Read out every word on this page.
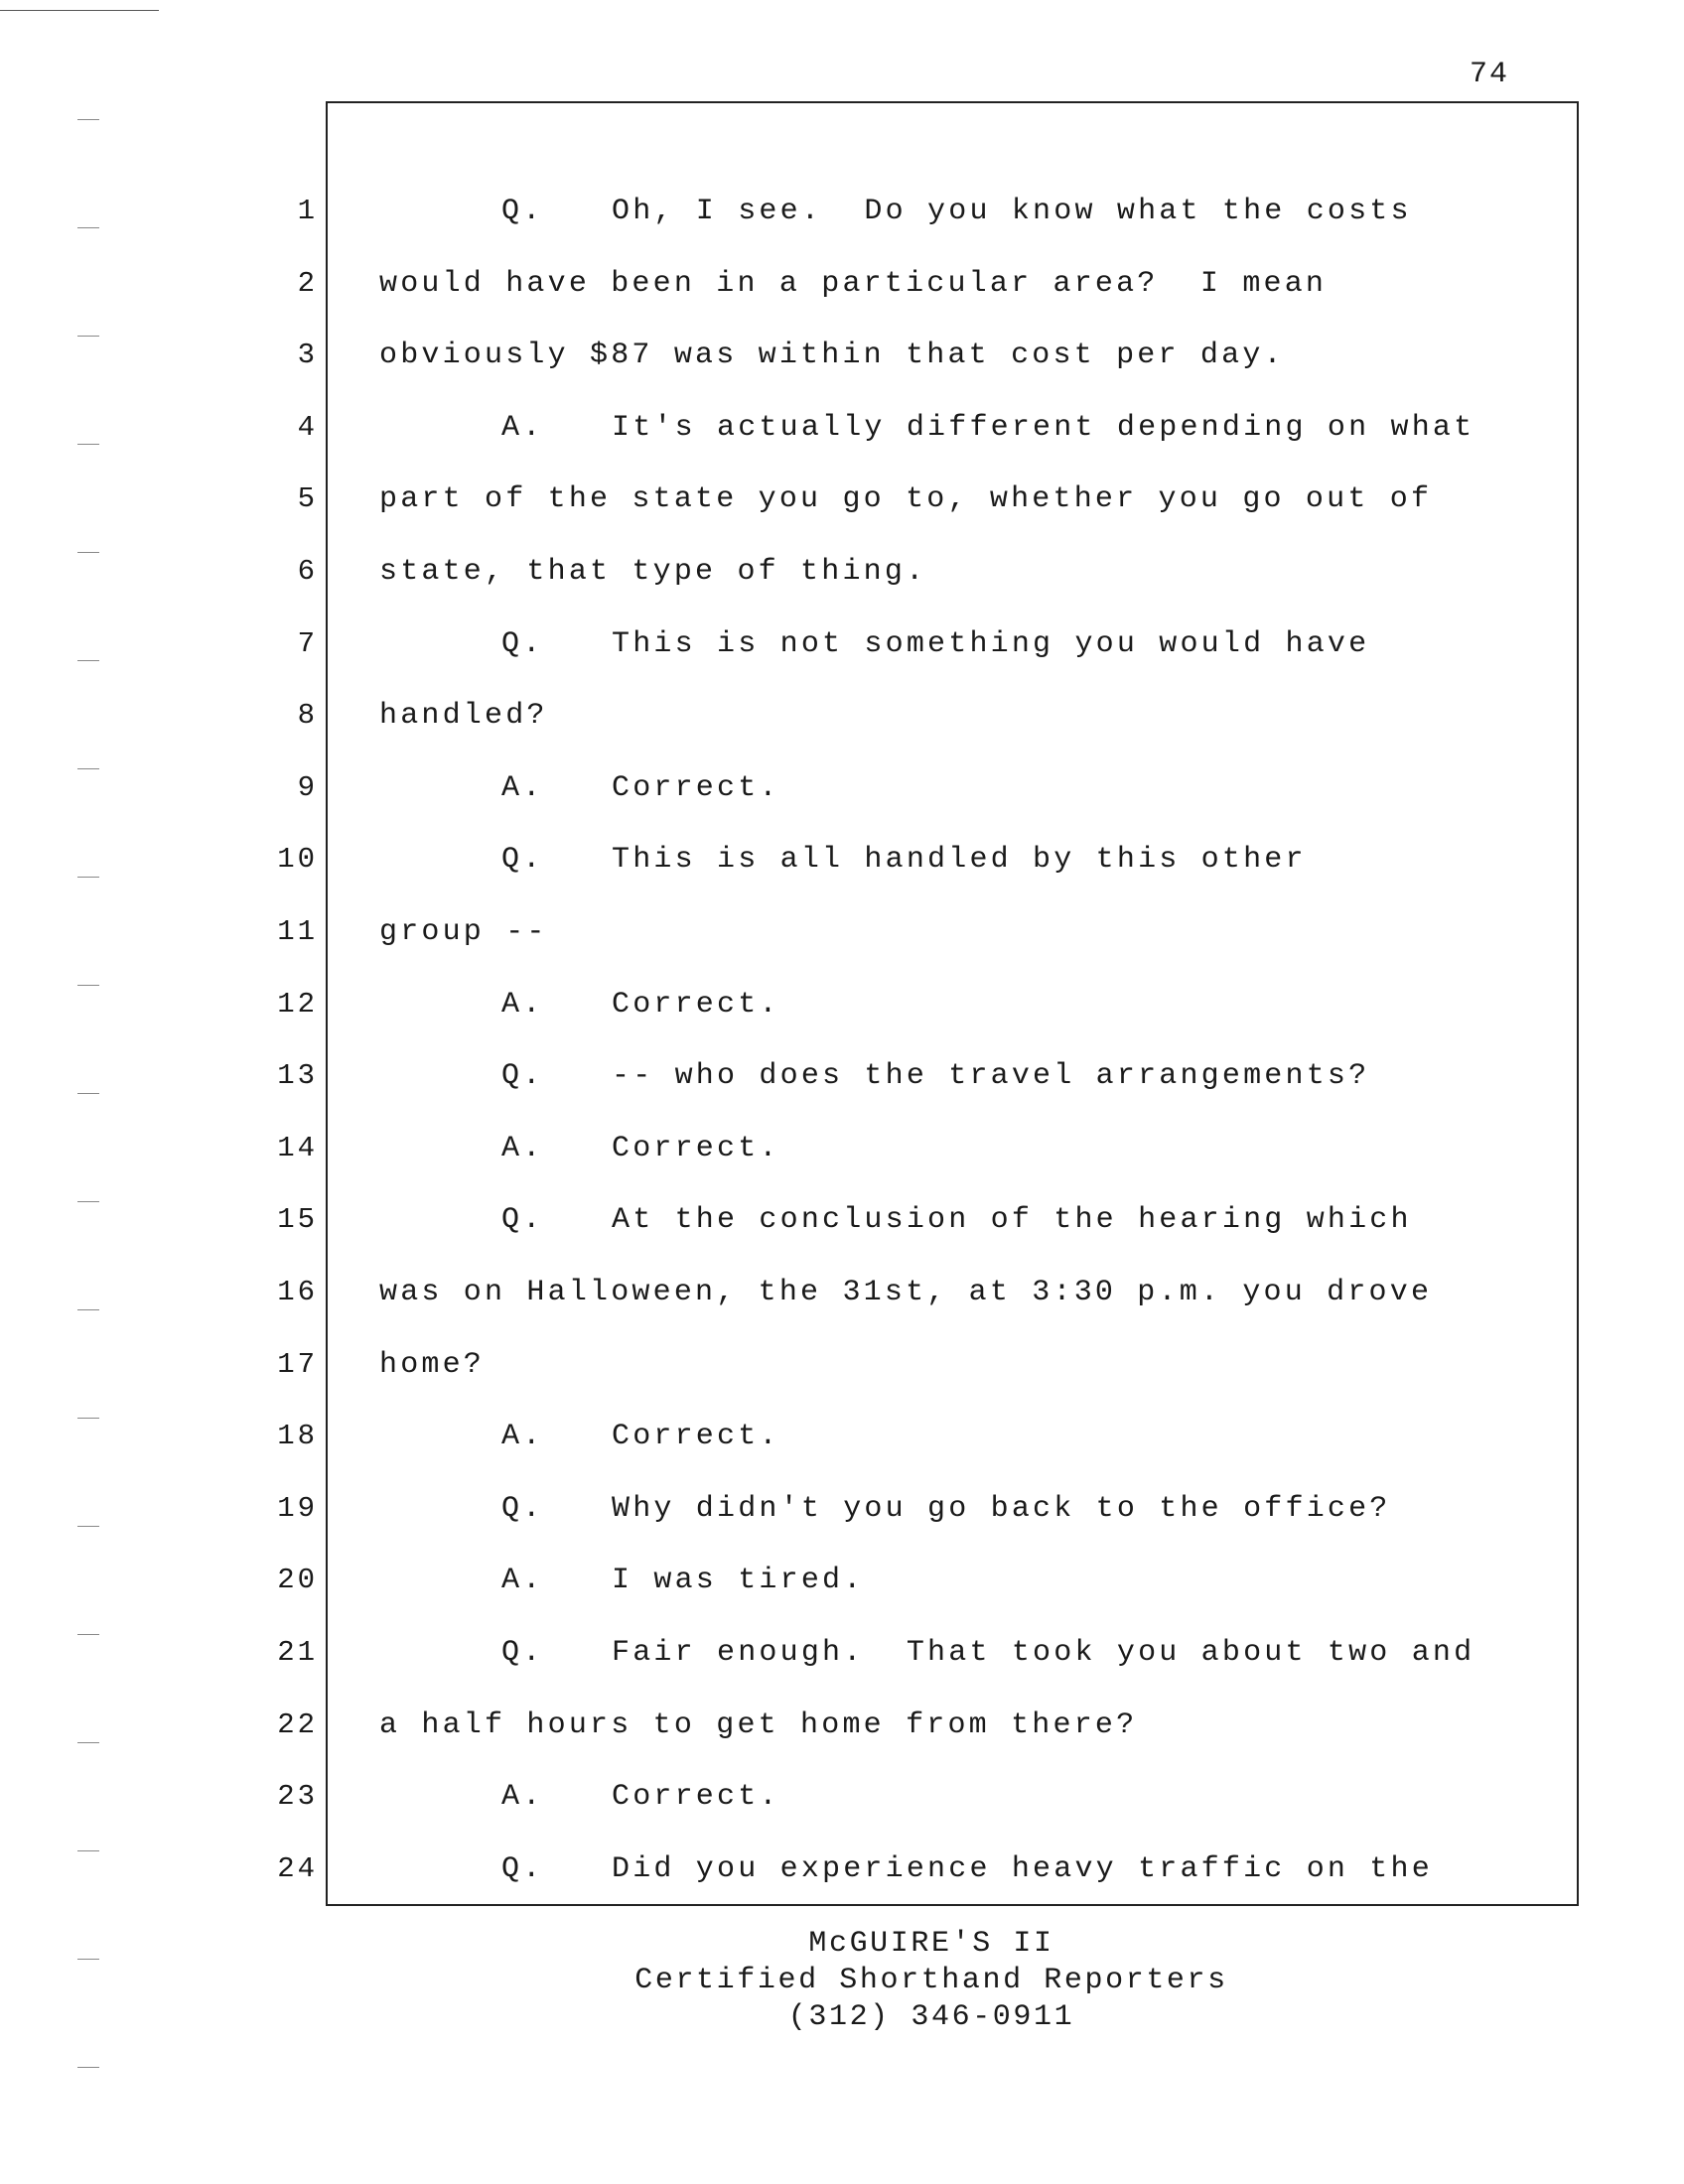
74
1
2
3
4
5
6
7
8
9
10
11
12
13
14
15
16
17
18
19
20
21
22
23
24
Q. Oh, I see.  Do you know what the costs
would have been in a particular area?  I mean
obviously $87 was within that cost per day.
A. It's actually different depending on what
part of the state you go to, whether you go out of
state, that type of thing.
Q. This is not something you would have
handled?
A. Correct.
Q. This is all handled by this other
group --
A. Correct.
Q. -- who does the travel arrangements?
A. Correct.
Q. At the conclusion of the hearing which
was on Halloween, the 31st, at 3:30 p.m. you drove
home?
A. Correct.
Q. Why didn't you go back to the office?
A. I was tired.
Q. Fair enough.  That took you about two and
a half hours to get home from there?
A. Correct.
Q. Did you experience heavy traffic on the
McGUIRE'S II
Certified Shorthand Reporters
(312) 346-0911
